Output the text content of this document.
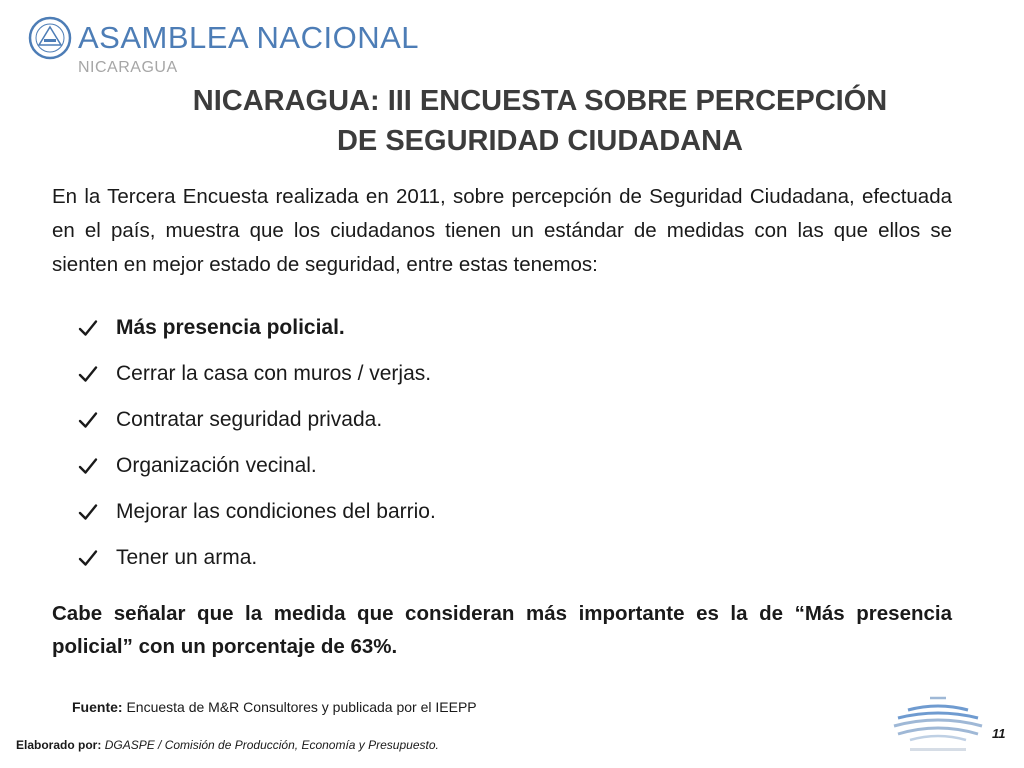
ASAMBLEA NACIONAL
NICARAGUA
NICARAGUA: III ENCUESTA SOBRE PERCEPCIÓN
DE SEGURIDAD CIUDADANA
En la Tercera Encuesta realizada en 2011, sobre percepción de Seguridad Ciudadana, efectuada en el país, muestra que los ciudadanos tienen un estándar de medidas con las que ellos se sienten en mejor estado de seguridad, entre estas tenemos:
Más presencia policial.
Cerrar la casa con muros / verjas.
Contratar seguridad privada.
Organización vecinal.
Mejorar las condiciones del barrio.
Tener un arma.
Cabe señalar que la medida que consideran más importante es la de “Más presencia policial” con un porcentaje de 63%.
Fuente: Encuesta de M&R Consultores y publicada por el IEEPP
Elaborado por: DGASPE / Comisión de Producción, Economía y Presupuesto.
11
